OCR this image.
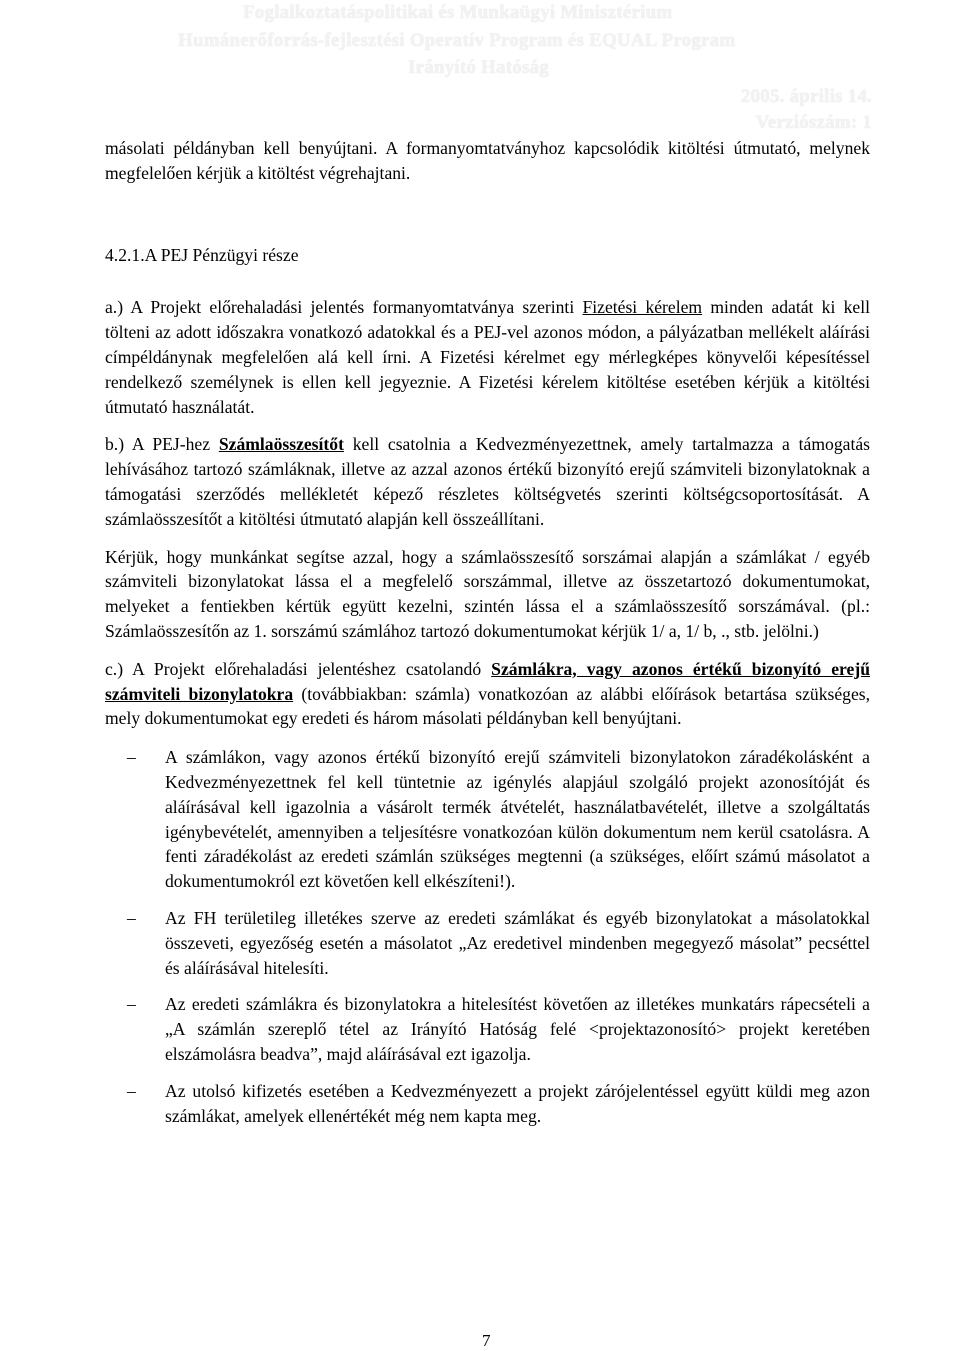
Foglalkoztatáspolitikai és Munkaügyi Minisztérium
Humánerőforrás-fejlesztési Operatív Program és EQUAL Program
Irányító Hatóság
2005. április 14.
Verziószám: 1

másolati példányban kell benyújtani. A formanyomtatványhoz kapcsolódik kitöltési útmutató, melynek megfelelően kérjük a kitöltést végrehajtani.

4.2.1.A PEJ Pénzügyi része

a.) A Projekt előrehaladási jelentés formanyomtatványa szerinti Fizetési kérelem minden adatát ki kell tölteni az adott időszakra vonatkozó adatokkal és a PEJ-vel azonos módon, a pályázatban mellékelt aláírási címpéldánynak megfelelően alá kell írni. A Fizetési kérelmet egy mérlegképes könyvelői képesítéssel rendelkező személynek is ellen kell jegyeznie. A Fizetési kérelem kitöltése esetében kérjük a kitöltési útmutató használatát.

b.) A PEJ-hez Számlaösszesítőt kell csatolnia a Kedvezményezettnek, amely tartalmazza a támogatás lehívásához tartozó számláknak, illetve az azzal azonos értékű bizonyító erejű számviteli bizonylatoknak a támogatási szerződés mellékletét képező részletes költségvetés szerinti költségcsoportosítását. A számlaösszesítőt a kitöltési útmutató alapján kell összeállítani.

Kérjük, hogy munkánkat segítse azzal, hogy a számlaösszesítő sorszámai alapján a számlákat / egyéb számviteli bizonylatokat lássa el a megfelelő sorszámmal, illetve az összetartozó dokumentumokat, melyeket a fentiekben kértük együtt kezelni, szintén lássa el a számlaösszesítő sorszámával. (pl.: Számlaösszesítőn az 1. sorszámú számlához tartozó dokumentumokat kérjük 1/ a, 1/ b, ., stb. jelölni.)

c.) A Projekt előrehaladási jelentéshez csatolandó Számlákra, vagy azonos értékű bizonyító erejű számviteli bizonylatokra (továbbiakban: számla) vonatkozóan az alábbi előírások betartása szükséges, mely dokumentumokat egy eredeti és három másolati példányban kell benyújtani.

– A számlákon, vagy azonos értékű bizonyító erejű számviteli bizonylatokon záradékolásként a Kedvezményezettnek fel kell tüntetnie az igénylés alapjául szolgáló projekt azonosítóját és aláírásával kell igazolnia a vásárolt termék átvételét, használatbavételét, illetve a szolgáltatás igénybevételét, amennyiben a teljesítésre vonatkozóan külön dokumentum nem kerül csatolásra. A fenti záradékolást az eredeti számlán szükséges megtenni (a szükséges, előírt számú másolatot a dokumentumokról ezt követően kell elkészíteni!).

– Az FH területileg illetékes szerve az eredeti számlákat és egyéb bizonylatokat a másolatokkal összeveti, egyezőség esetén a másolatot „Az eredetivel mindenben megegyező másolat” pecséttel és aláírásával hitelesíti.

– Az eredeti számlákra és bizonylatokra a hitelesítést követően az illetékes munkatárs rápecsételi a „A számlán szereplő tétel az Irányító Hatóság felé <projektazonosító> projekt keretében elszámolásra beadva”, majd aláírásával ezt igazolja.

– Az utolsó kifizetés esetében a Kedvezményezett a projekt zárójelentéssel együtt küldi meg azon számlákat, amelyek ellenértékét még nem kapta meg.

7
